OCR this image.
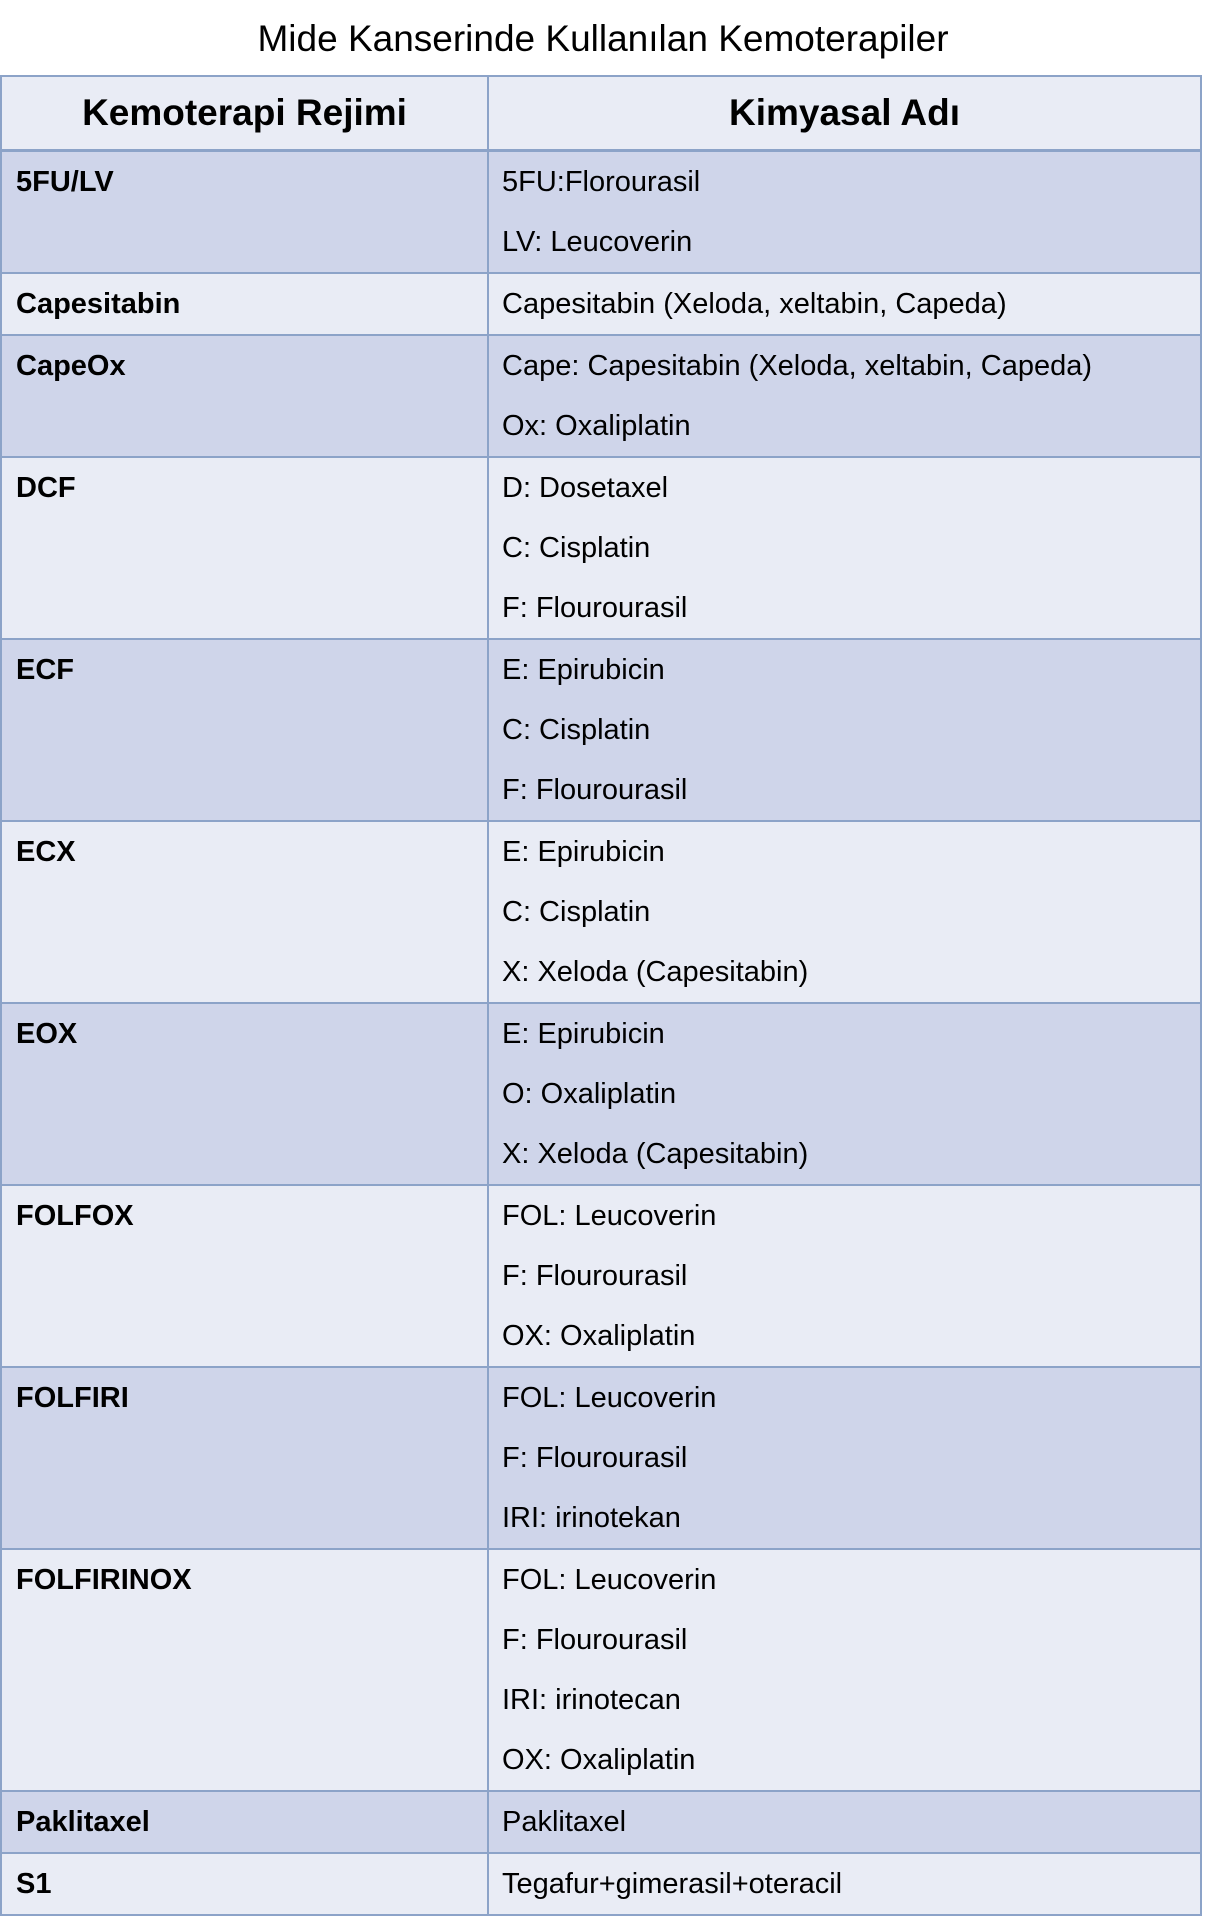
Mide Kanserinde Kullanılan Kemoterapiler
Kemoterapi Rejimi	Kimyasal Adı

5FU/LV	5FU:Florourasil
LV: Leucoverin

Capesitabin	Capesitabin (Xeloda, xeltabin, Capeda)

CapeOx	Cape: Capesitabin (Xeloda, xeltabin, Capeda)
Ox: Oxaliplatin

DCF	D: Dosetaxel
C: Cisplatin
F: Flourourasil

ECF	E: Epirubicin
C: Cisplatin
F: Flourourasil

ECX	E: Epirubicin
C: Cisplatin
X: Xeloda (Capesitabin)

EOX	E: Epirubicin
O: Oxaliplatin
X: Xeloda (Capesitabin)

FOLFOX	FOL: Leucoverin
F: Flourourasil
OX: Oxaliplatin

FOLFIRI	FOL: Leucoverin
F: Flourourasil
IRI: irinotekan

FOLFIRINOX	FOL: Leucoverin
F: Flourourasil
IRI: irinotecan
OX: Oxaliplatin

Paklitaxel	Paklitaxel

S1	Tegafur+gimerasil+oteracil
